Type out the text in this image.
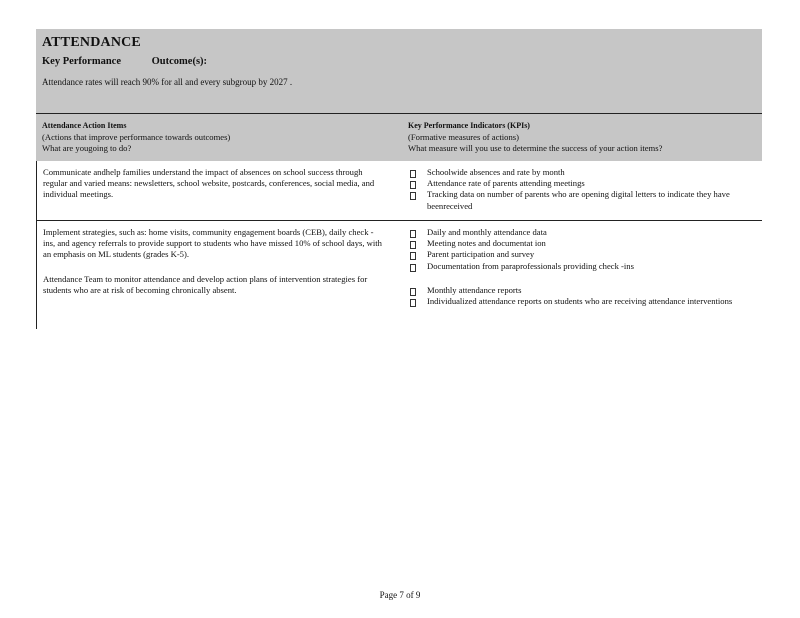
ATTENDANCE
Key Performance	Outcome(s):
Attendance rates will reach 90% for all and every subgroup by 2027 .
Attendance Action Items
(Actions that improve performance towards outcomes)
What are yougoing to do?
Key Performance Indicators (KPIs)
(Formative measures of actions)
What measure will you use to determine the success of your action items?
Communicate andhelp families understand the impact of absences on school success through regular and varied means: newsletters, school website, postcards, conferences, social media, and individual meetings.
Schoolwide absences and rate by month
Attendance rate of parents attending meetings
Tracking data on number of parents who are opening digital letters to indicate they have beenreceived
Implement strategies, such as: home visits, community engagement boards (CEB), daily check -ins, and agency referrals to provide support to students who have missed 10% of school days, with an emphasis on ML students (grades K-5).
Attendance Team to monitor attendance and develop action plans of intervention strategies for students who are at risk of becoming chronically absent.
Daily and monthly attendance data
Meeting notes and documentat ion
Parent participation and survey
Documentation from paraprofessionals providing check -ins
Monthly attendance reports
Individualized attendance reports on students who are receiving attendance interventions
Page 7 of 9
